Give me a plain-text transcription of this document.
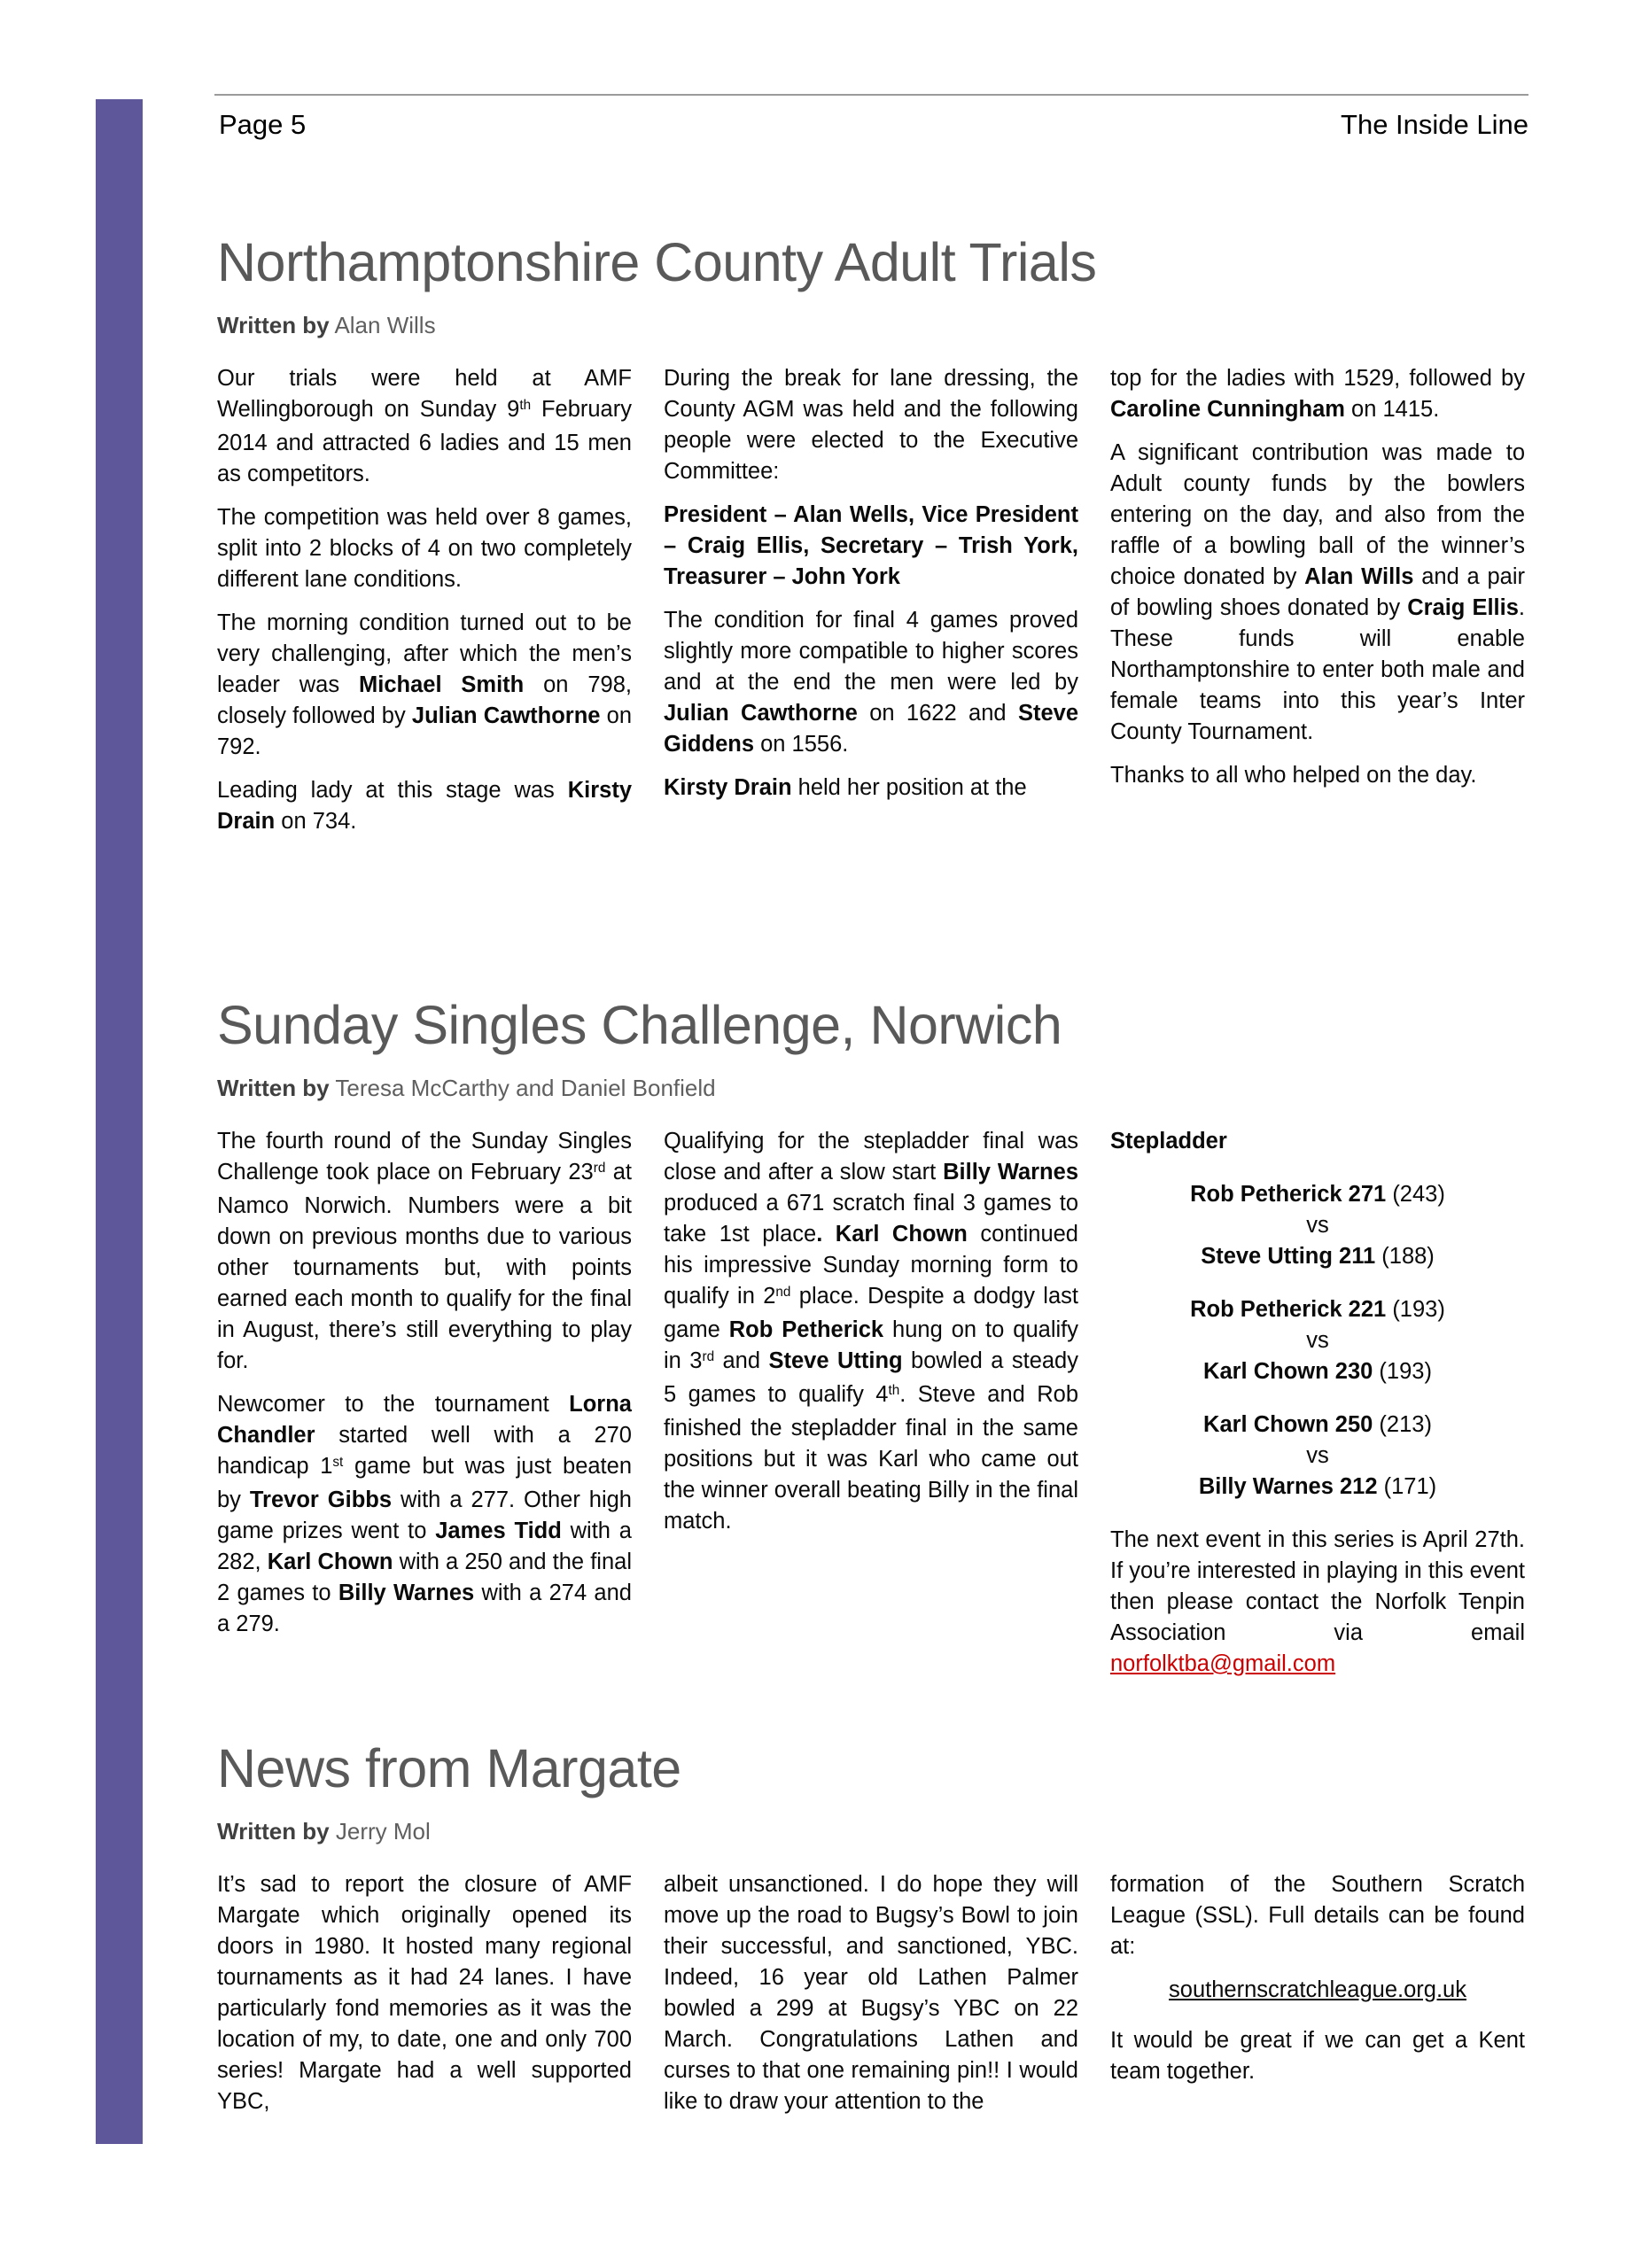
Page 5	The Inside Line
Northamptonshire County Adult Trials

Written by Alan Wills

Our trials were held at AMF Wellingborough on Sunday 9th February 2014 and attracted 6 ladies and 15 men as competitors.

The competition was held over 8 games, split into 2 blocks of 4 on two completely different lane conditions.

The morning condition turned out to be very challenging, after which the men’s leader was Michael Smith on 798, closely followed by Julian Cawthorne on 792.

Leading lady at this stage was Kirsty Drain on 734.

During the break for lane dressing, the County AGM was held and the following people were elected to the Executive Committee:

President – Alan Wells, Vice President – Craig Ellis, Secretary – Trish York, Treasurer – John York

The condition for final 4 games proved slightly more compatible to higher scores and at the end the men were led by Julian Cawthorne on 1622 and Steve Giddens on 1556.

Kirsty Drain held her position at the

top for the ladies with 1529, followed by Caroline Cunningham on 1415.

A significant contribution was made to Adult county funds by the bowlers entering on the day, and also from the raffle of a bowling ball of the winner’s choice donated by Alan Wills and a pair of bowling shoes donated by Craig Ellis. These funds will enable Northamptonshire to enter both male and female teams into this year’s Inter County Tournament.

Thanks to all who helped on the day.

Sunday Singles Challenge, Norwich

Written by Teresa McCarthy and Daniel Bonfield

The fourth round of the Sunday Singles Challenge took place on February 23rd at Namco Norwich. Numbers were a bit down on previous months due to various other tournaments but, with points earned each month to qualify for the final in August, there’s still everything to play for.

Newcomer to the tournament Lorna Chandler started well with a 270 handicap 1st game but was just beaten by Trevor Gibbs with a 277. Other high game prizes went to James Tidd with a 282, Karl Chown with a 250 and the final 2 games to Billy Warnes with a 274 and a 279.

Qualifying for the stepladder final was close and after a slow start Billy Warnes produced a 671 scratch final 3 games to take 1st place. Karl Chown continued his impressive Sunday morning form to qualify in 2nd place. Despite a dodgy last game Rob Petherick hung on to qualify in 3rd and Steve Utting bowled a steady 5 games to qualify 4th. Steve and Rob finished the stepladder final in the same positions but it was Karl who came out the winner overall beating Billy in the final match.

Stepladder

Rob Petherick 271 (243)
vs
Steve Utting 211 (188)

Rob Petherick 221 (193)
vs
Karl Chown 230 (193)

Karl Chown 250 (213)
vs
Billy Warnes 212 (171)

The next event in this series is April 27th. If you’re interested in playing in this event then please contact the Norfolk Tenpin Association via email norfolktba@gmail.com

News from Margate

Written by Jerry Mol

It’s sad to report the closure of AMF Margate which originally opened its doors in 1980. It hosted many regional tournaments as it had 24 lanes. I have particularly fond memories as it was the location of my, to date, one and only 700 series! Margate had a well supported YBC,

albeit unsanctioned. I do hope they will move up the road to Bugsy’s Bowl to join their successful, and sanctioned, YBC. Indeed, 16 year old Lathen Palmer bowled a 299 at Bugsy’s YBC on 22 March. Congratulations Lathen and curses to that one remaining pin!! I would like to draw your attention to the

formation of the Southern Scratch League (SSL). Full details can be found at:

southernscratchleague.org.uk

It would be great if we can get a Kent team together.
